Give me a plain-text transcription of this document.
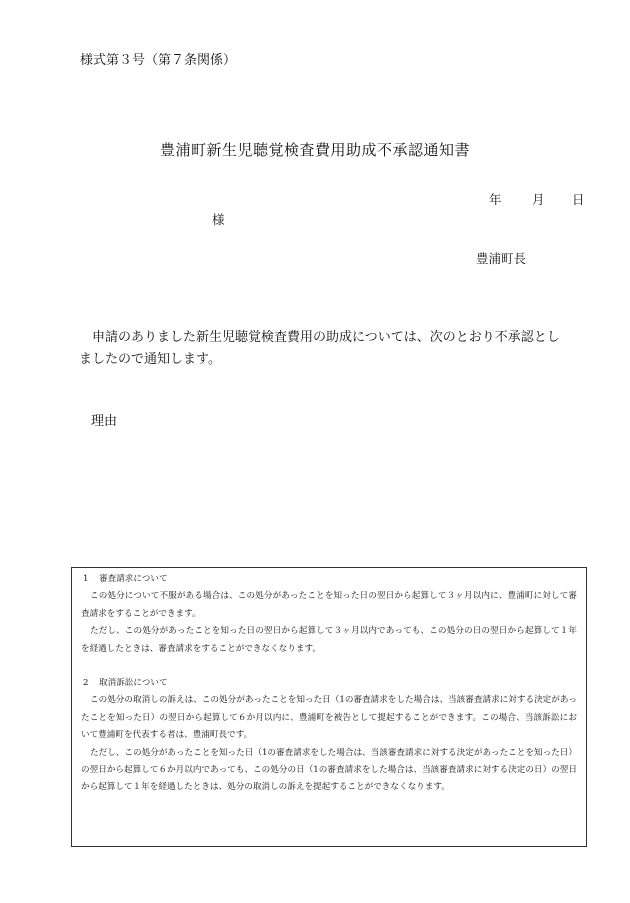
様式第３号（第７条関係）
豊浦町新生児聴覚検査費用助成不承認通知書
年 月 日
様
豊浦町長
申請のありました新生児聴覚検査費用の助成については、次のとおり不承認としましたので通知します。
理由
1 審査請求について
この処分について不服がある場合は、この処分があったことを知った日の翌日から起算して３ヶ月以内に、豊浦町に対して審査請求をすることができます。
ただし、この処分があったことを知った日の翌日から起算して３ヶ月以内であっても、この処分の日の翌日から起算して１年を経過したときは、審査請求をすることができなくなります。
2 取消訴訟について
この処分の取消しの訴えは、この処分があったことを知った日（1の審査請求をした場合は、当該審査請求に対する決定があったことを知った日）の翌日から起算して６か月以内に、豊浦町を被告として提起することができます。この場合、当該訴訟において豊浦町を代表する者は、豊浦町長です。
ただし、この処分があったことを知った日（1の審査請求をした場合は、当該審査請求に対する決定があったことを知った日）の翌日から起算して６か月以内であっても、この処分の日（1の審査請求をした場合は、当該審査請求に対する決定の日）の翌日から起算して１年を経過したときは、処分の取消しの訴えを提起することができなくなります。
